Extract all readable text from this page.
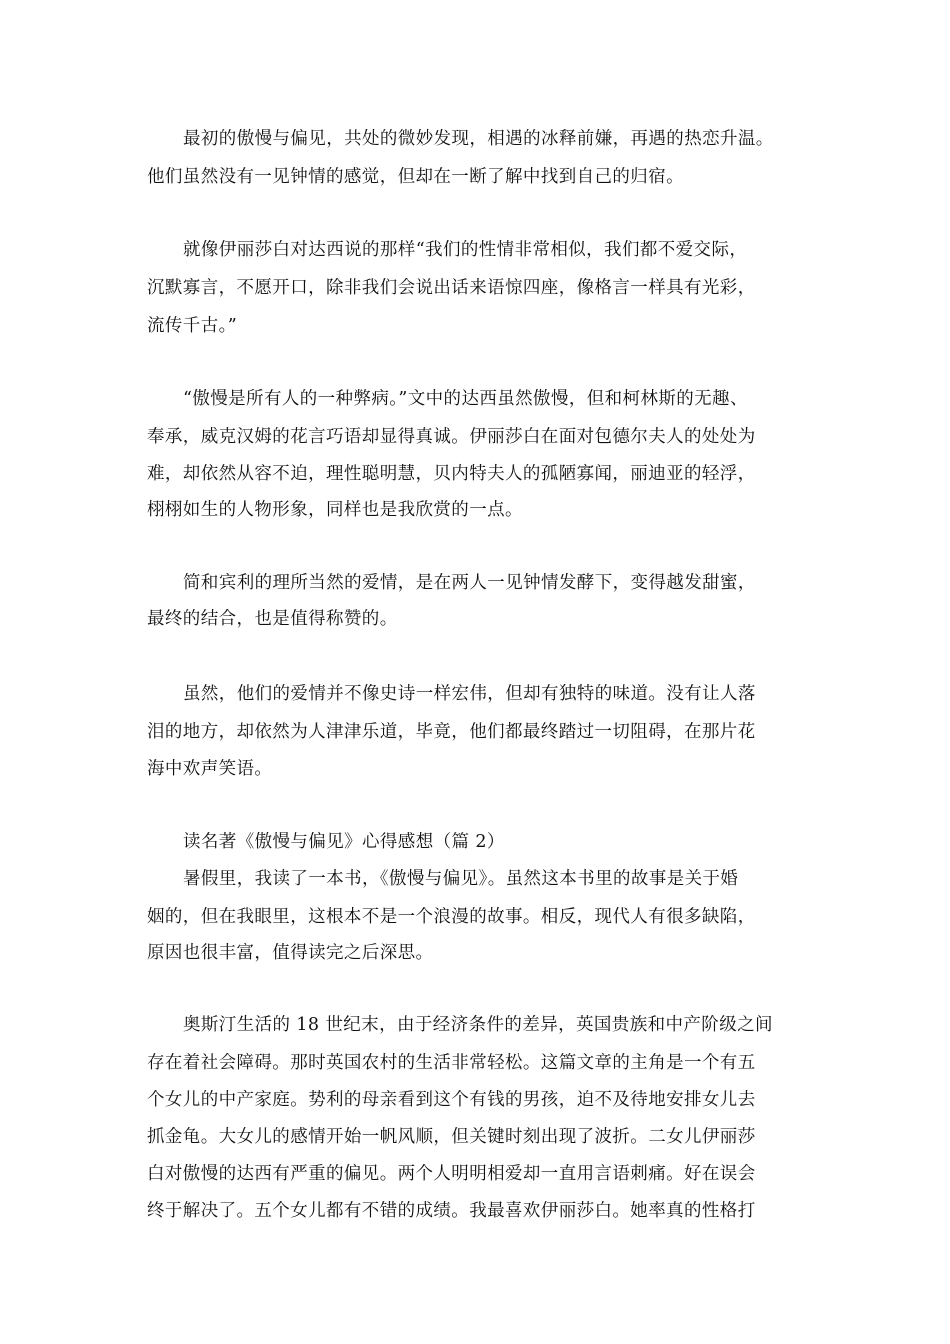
最初的傲慢与偏见，共处的微妙发现，相遇的冰释前嫌，再遇的热恋升温。
他们虽然没有一见钟情的感觉，但却在一断了解中找到自己的归宿。
就像伊丽莎白对达西说的那样“我们的性情非常相似，我们都不爱交际，
沉默寡言，不愿开口，除非我们会说出话来语惊四座，像格言一样具有光彩，
流传千古。”
“傲慢是所有人的一种弊病。”文中的达西虽然傲慢，但和柯林斯的无趣、
奉承，威克汉姆的花言巧语却显得真诚。伊丽莎白在面对包德尔夫人的处处为
难，却依然从容不迫，理性聪明慧，贝内特夫人的孤陋寡闻，丽迪亚的轻浮，
栩栩如生的人物形象，同样也是我欣赏的一点。
简和宾利的理所当然的爱情，是在两人一见钟情发酵下，变得越发甜蜜，
最终的结合，也是值得称赞的。
虽然，他们的爱情并不像史诗一样宏伟，但却有独特的味道。没有让人落
泪的地方，却依然为人津津乐道，毕竟，他们都最终踏过一切阻碍，在那片花
海中欢声笑语。
读名著《傲慢与偏见》心得感想（篇 2）
暑假里，我读了一本书，《傲慢与偏见》。虽然这本书里的故事是关于婚
姻的，但在我眼里，这根本不是一个浪漫的故事。相反，现代人有很多缺陷，
原因也很丰富，值得读完之后深思。
奥斯汀生活的 18 世纪末，由于经济条件的差异，英国贵族和中产阶级之间
存在着社会障碍。那时英国农村的生活非常轻松。这篇文章的主角是一个有五
个女儿的中产家庭。势利的母亲看到这个有钱的男孩，迫不及待地安排女儿去
抓金龟。大女儿的感情开始一帆风顺，但关键时刻出现了波折。二女儿伊丽莎
白对傲慢的达西有严重的偏见。两个人明明相爱却一直用言语刺痛。好在误会
终于解决了。五个女儿都有不错的成绩。我最喜欢伊丽莎白。她率真的性格打
